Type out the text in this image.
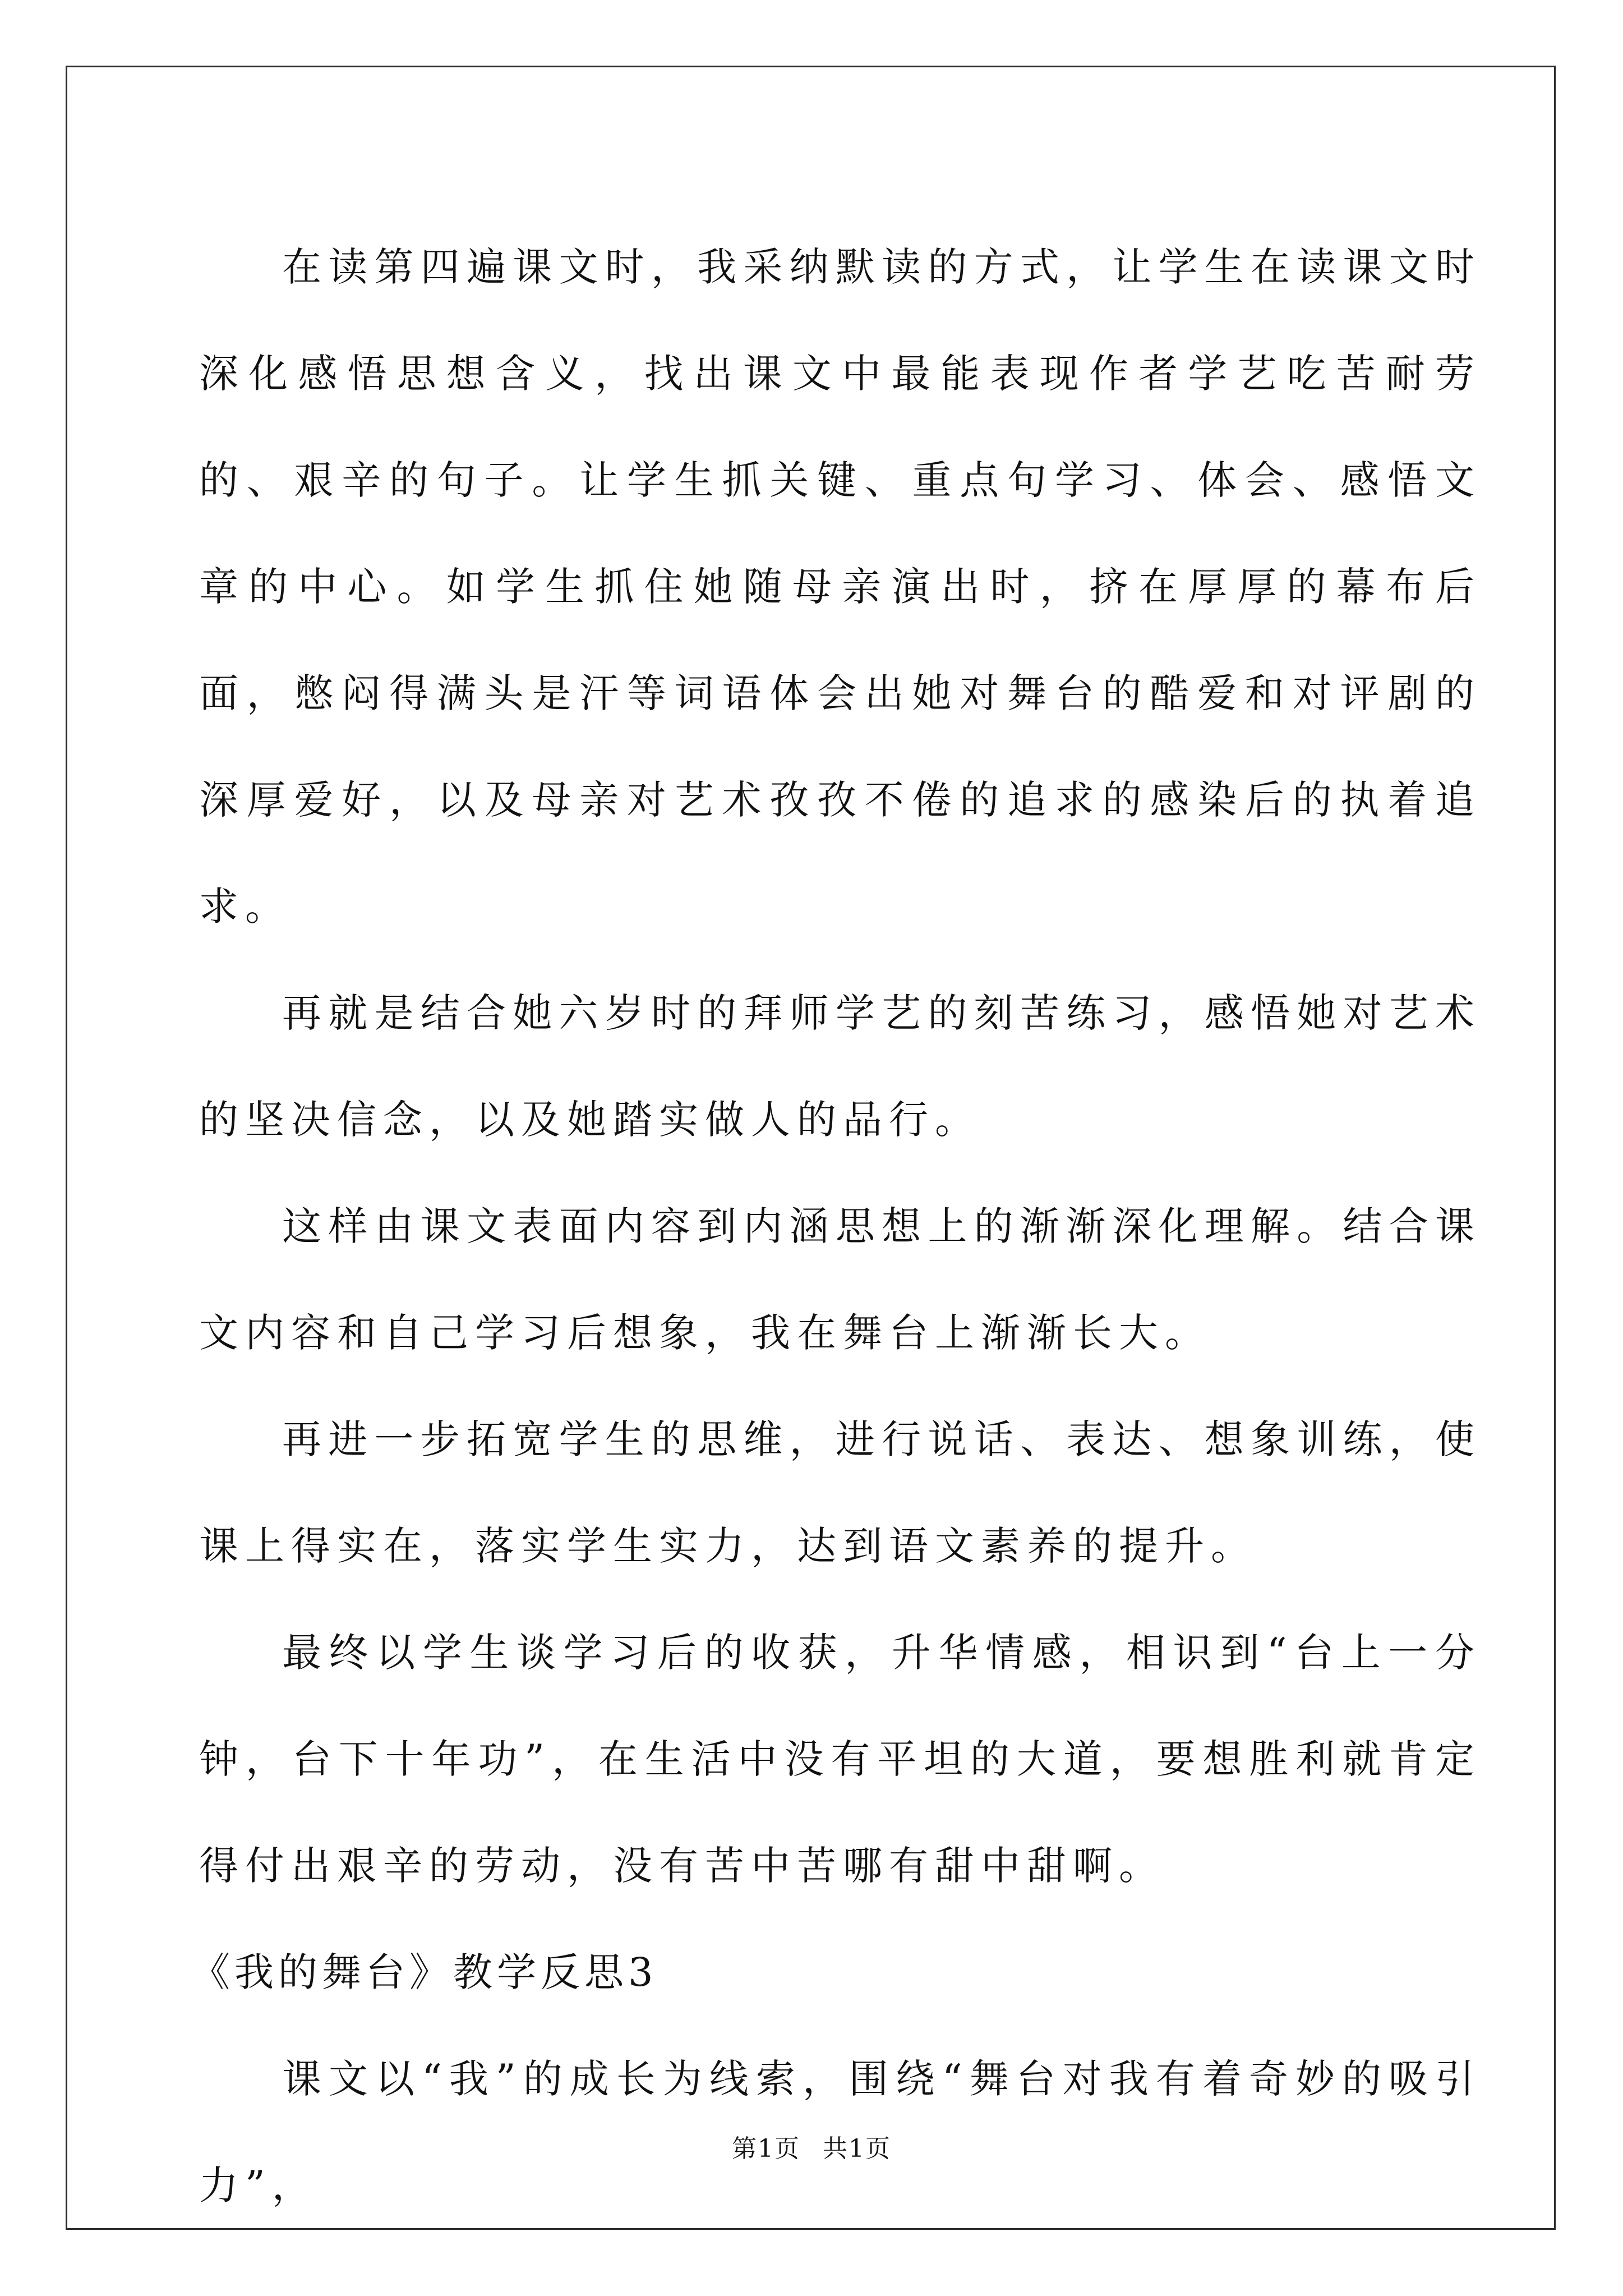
在读第四遍课文时，我采纳默读的方式，让学生在读课文时深化感悟思想含义，找出课文中最能表现作者学艺吃苦耐劳的、艰辛的句子。让学生抓关键、重点句学习、体会、感悟文章的中心。如学生抓住她随母亲演出时，挤在厚厚的幕布后面，憋闷得满头是汗等词语体会出她对舞台的酷爱和对评剧的深厚爱好，以及母亲对艺术孜孜不倦的追求的感染后的执着追求。

再就是结合她六岁时的拜师学艺的刻苦练习，感悟她对艺术的坚决信念，以及她踏实做人的品行。

这样由课文表面内容到内涵思想上的渐渐深化理解。结合课文内容和自己学习后想象，我在舞台上渐渐长大。

再进一步拓宽学生的思维，进行说话、表达、想象训练，使课上得实在，落实学生实力，达到语文素养的提升。

最终以学生谈学习后的收获，升华情感，相识到“台上一分钟，台下十年功”，在生活中没有平坦的大道，要想胜利就肯定得付出艰辛的劳动，没有苦中苦哪有甜中甜啊。

《我的舞台》教学反思3

课文以“我”的成长为线索，围绕“舞台对我有着奇妙的吸引力”，

第1页 共1页
